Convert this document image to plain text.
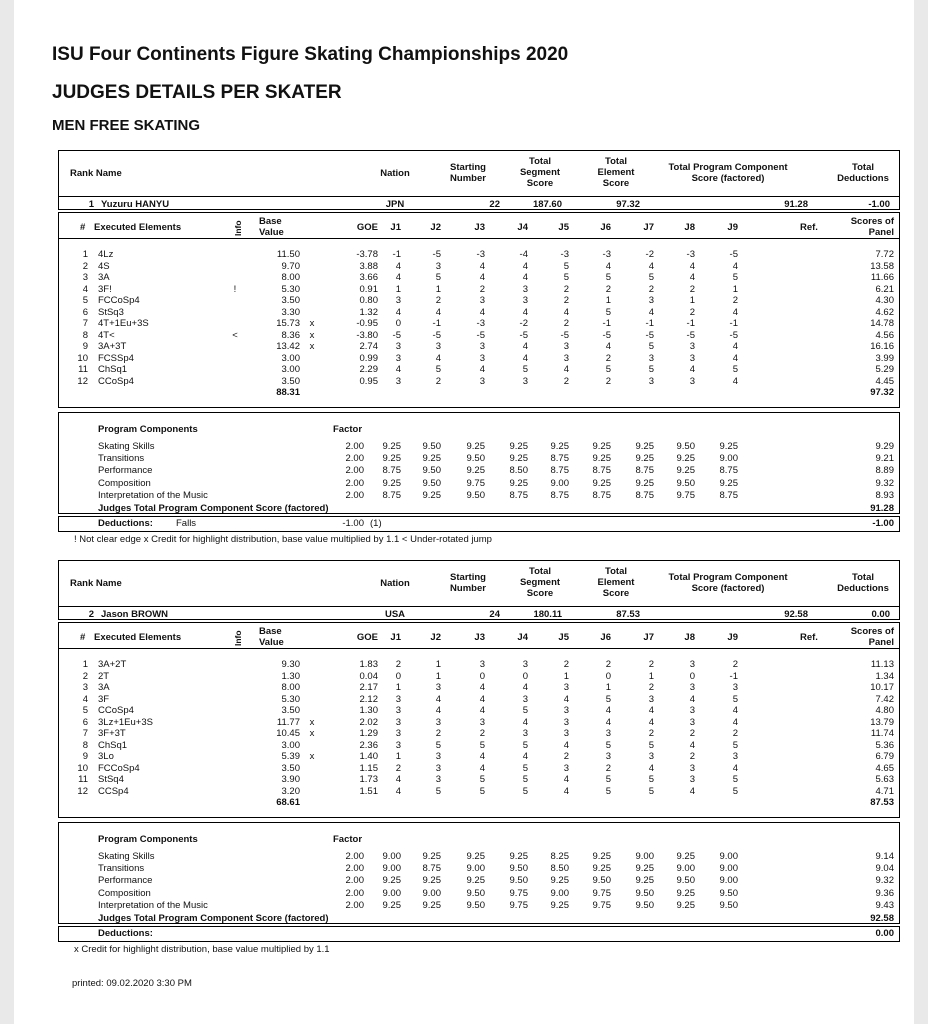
ISU Four Continents Figure Skating Championships 2020
JUDGES DETAILS PER SKATER
MEN FREE SKATING
Rank Name	Nation
Starting
Number
Total
Segment
Score
Total
Element
Score
Total Program Component
Score (factored)
Total
Deductions
1 Yuzuru HANYU	JPN	22	187.60	97.32	91.28	-1.00
# Executed Elements	Info Base
Value	GOE	J1	J2	J3	J4	J5	J6	J7	J8	J9	Ref.
Scores of
Panel
1 4Lz	11.50	-3.78	-1	-5	-3	-4	-3	-3	-2	-3	-5	7.72
2 4S	9.70	3.88	4	3	4	4	5	4	4	4	4	13.58
3 3A	8.00	3.66	4	5	4	4	5	5	5	4	5	11.66
4 3F!	!	5.30	0.91	1	1	2	3	2	2	2	2	1	6.21
5 FCCoSp4	3.50	0.80	3	2	3	3	2	1	3	1	2	4.30
6 StSq3	3.30	1.32	4	4	4	4	4	5	4	2	4	4.62
7 4T+1Eu+3S	15.73	x	-0.95	0	-1	-3	-2	2	-1	-1	-1	-1	14.78
8 4T<	<	8.36	x	-3.80	-5	-5	-5	-5	-5	-5	-5	-5	-5	4.56
9 3A+3T	13.42	x	2.74	3	3	3	4	3	4	5	3	4	16.16
10 FCSSp4	3.00	0.99	3	4	3	4	3	2	3	3	4	3.99
11 ChSq1	3.00	2.29	4	5	4	5	4	5	5	4	5	5.29
12 CCoSp4	3.50	0.95	3	2	3	3	2	2	3	3	4	4.45
88.31	97.32
Program Components	Factor
Skating Skills	2.00	9.25	9.50	9.25	9.25	9.25	9.25	9.25	9.50	9.25	9.29
Transitions	2.00	9.25	9.25	9.50	9.25	8.75	9.25	9.25	9.25	9.00	9.21
Performance	2.00	8.75	9.50	9.25	8.50	8.75	8.75	8.75	9.25	8.75	8.89
Composition	2.00	9.25	9.50	9.75	9.25	9.00	9.25	9.25	9.50	9.25	9.32
Interpretation of the Music	2.00	8.75	9.25	9.50	8.75	8.75	8.75	8.75	9.75	8.75	8.93
Judges Total Program Component Score (factored)	91.28
Deductions: Falls	-1.00 (1)	-1.00
! Not clear edge x Credit for highlight distribution, base value multiplied by 1.1 < Under-rotated jump
Rank Name	Nation
Starting
Number
Total
Segment
Score
Total
Element
Score
Total Program Component
Score (factored)
Total
Deductions
2 Jason BROWN	USA	24	180.11	87.53	92.58	0.00
# Executed Elements	Info Base
Value	GOE	J1	J2	J3	J4	J5	J6	J7	J8	J9	Ref.
Scores of
Panel
1 3A+2T	9.30	1.83	2	1	3	3	2	2	2	3	2	11.13
2 2T	1.30	0.04	0	1	0	0	1	0	1	0	-1	1.34
3 3A	8.00	2.17	1	3	4	4	3	1	2	3	3	10.17
4 3F	5.30	2.12	3	4	4	3	4	5	3	4	5	7.42
5 CCoSp4	3.50	1.30	3	4	4	5	3	4	4	3	4	4.80
6 3Lz+1Eu+3S	11.77	x	2.02	3	3	3	4	3	4	4	3	4	13.79
7 3F+3T	10.45	x	1.29	3	2	2	3	3	3	2	2	2	11.74
8 ChSq1	3.00	2.36	3	5	5	5	4	5	5	4	5	5.36
9 3Lo	5.39	x	1.40	1	3	4	4	2	3	3	2	3	6.79
10 FCCoSp4	3.50	1.15	2	3	4	5	3	2	4	3	4	4.65
11 StSq4	3.90	1.73	4	3	5	5	4	5	5	3	5	5.63
12 CCSp4	3.20	1.51	4	5	5	5	4	5	5	4	5	4.71
68.61	87.53
Program Components	Factor
Skating Skills	2.00	9.00	9.25	9.25	9.25	8.25	9.25	9.00	9.25	9.00	9.14
Transitions	2.00	9.00	8.75	9.00	9.50	8.50	9.25	9.25	9.00	9.00	9.04
Performance	2.00	9.25	9.25	9.25	9.50	9.25	9.50	9.25	9.50	9.00	9.32
Composition	2.00	9.00	9.00	9.50	9.75	9.00	9.75	9.50	9.25	9.50	9.36
Interpretation of the Music	2.00	9.25	9.25	9.50	9.75	9.25	9.75	9.50	9.25	9.50	9.43
Judges Total Program Component Score (factored)	92.58
Deductions:	0.00
x Credit for highlight distribution, base value multiplied by 1.1
printed: 09.02.2020 3:30 PM
